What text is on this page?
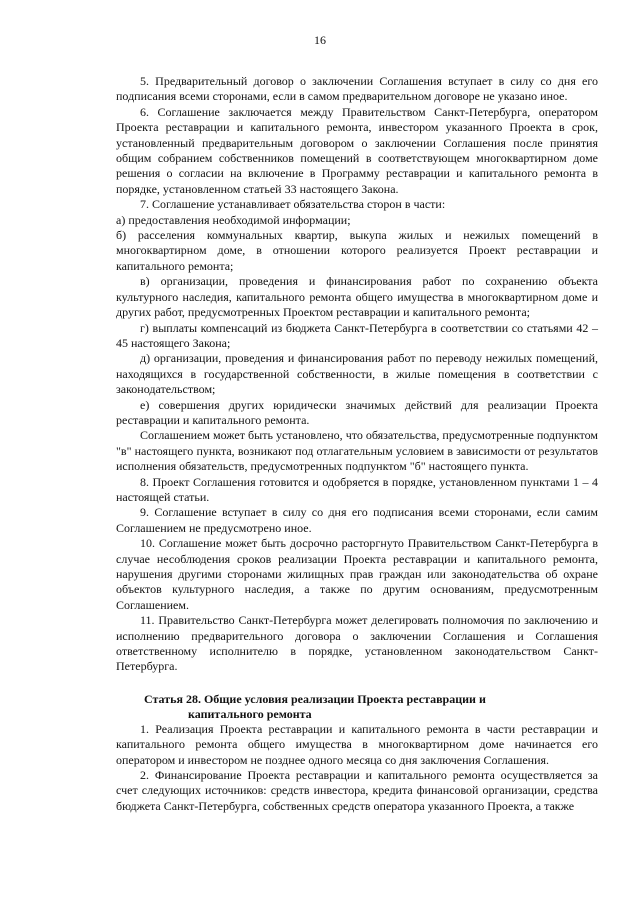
16

5. Предварительный договор о заключении Соглашения вступает в силу со дня его подписания всеми сторонами, если в самом предварительном договоре не указано иное.

6. Соглашение заключается между Правительством Санкт-Петербурга, оператором Проекта реставрации и капитального ремонта, инвестором указанного Проекта в срок, установленный предварительным договором о заключении Соглашения после принятия общим собранием собственников помещений в соответствующем многоквартирном доме решения о согласии на включение в Программу реставрации и капитального ремонта в порядке, установленном статьей 33 настоящего Закона.

7. Соглашение устанавливает обязательства сторон в части:

а) предоставления необходимой информации;

б) расселения коммунальных квартир, выкупа жилых и нежилых помещений в многоквартирном доме, в отношении которого реализуется Проект реставрации и капитального ремонта;

в) организации, проведения и финансирования работ по сохранению объекта культурного наследия, капитального ремонта общего имущества в многоквартирном доме и других работ, предусмотренных Проектом реставрации и капитального ремонта;

г) выплаты компенсаций из бюджета Санкт-Петербурга в соответствии со статьями 42 – 45 настоящего Закона;

д) организации, проведения и финансирования работ по переводу нежилых помещений, находящихся в государственной собственности, в жилые помещения в соответствии с законодательством;

е) совершения других юридически значимых действий для реализации Проекта реставрации и капитального ремонта.

Соглашением может быть установлено, что обязательства, предусмотренные подпунктом "в" настоящего пункта, возникают под отлагательным условием в зависимости от результатов исполнения обязательств, предусмотренных подпунктом "б" настоящего пункта.

8. Проект Соглашения готовится и одобряется в порядке, установленном пунктами 1 – 4 настоящей статьи.

9. Соглашение вступает в силу со дня его подписания всеми сторонами, если самим Соглашением не предусмотрено иное.

10. Соглашение может быть досрочно расторгнуто Правительством Санкт-Петербурга в случае несоблюдения сроков реализации Проекта реставрации и капитального ремонта, нарушения другими сторонами жилищных прав граждан или законодательства об охране объектов культурного наследия, а также по другим основаниям, предусмотренным Соглашением.

11. Правительство Санкт-Петербурга может делегировать полномочия по заключению и исполнению предварительного договора о заключении Соглашения и Соглашения ответственному исполнителю в порядке, установленном законодательством Санкт-Петербурга.

Статья 28. Общие условия реализации Проекта реставрации и
капитального ремонта

1. Реализация Проекта реставрации и капитального ремонта в части реставрации и капитального ремонта общего имущества в многоквартирном доме начинается его оператором и инвестором не позднее одного месяца со дня заключения Соглашения.

2. Финансирование Проекта реставрации и капитального ремонта осуществляется за счет следующих источников: средств инвестора, кредита финансовой организации, средства бюджета Санкт-Петербурга, собственных средств оператора указанного Проекта, а также
